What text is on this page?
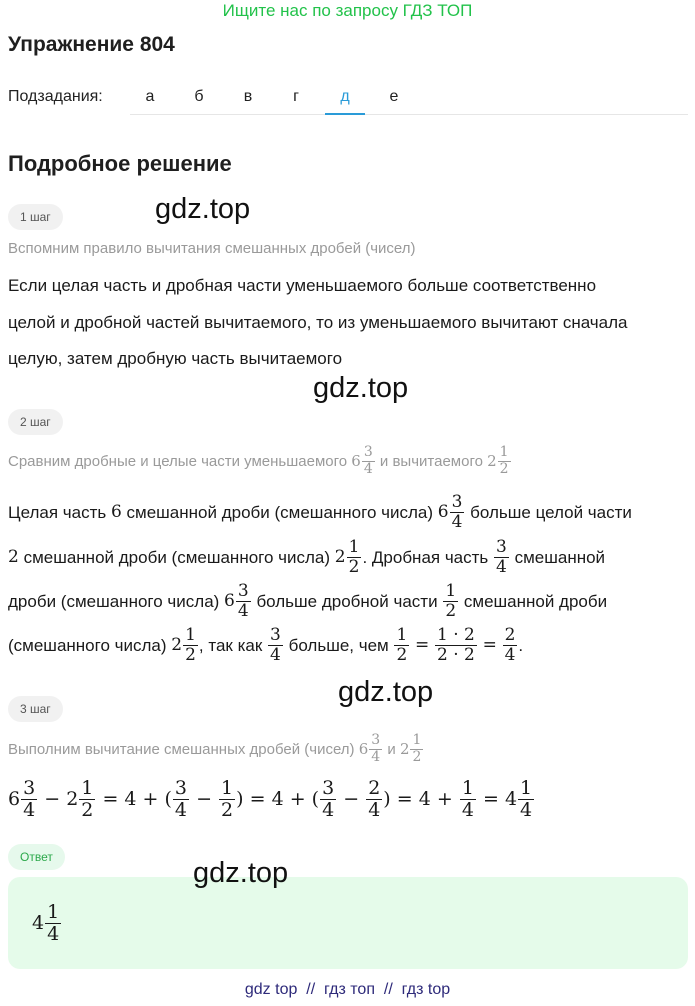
Ищите нас по запросу ГДЗ ТОП
Упражнение 804
Подзадания:	а	б	в	г	д	е
Подробное решение
1 шаг	gdz.top
Вспомним правило вычитания смешанных дробей (чисел)
Если целая часть и дробная части уменьшаемого больше соответственно
целой и дробной частей вычитаемого, то из уменьшаемого вычитают сначала
целую, затем дробную часть вычитаемого
gdz.top
2 шаг
Сравним дробные и целые части уменьшаемого
$6 \frac{3}{4}$
и вычитаемого
$2 \frac{1}{2}$
Целая часть
6
смешанной дроби (смешанного числа)
$6 \frac{3}{4}$
больше целой части
2
смешанной дроби (смешанного числа)
$2 \frac{1}{2}$ . Дробная часть
$\frac{3}{4}$
смешанной
дроби (смешанного числа)
$6 \frac{3}{4}$
больше дробной части
$\frac{1}{2}$
смешанной дроби
(смешанного числа)
$2 \frac{1}{2}$ , так как
$\frac{3}{4}$
больше, чем
$\frac{1}{2}$
=
$\frac{1 \cdot 2}{2 \cdot 2}$
=
$\frac{2}{4}$ .
gdz.top
3 шаг
Выполним вычитание смешанных дробей (чисел)
$6 \frac{3}{4}$
и
$2 \frac{1}{2}$
$6 \frac{3}{4}$
−
$2 \frac{1}{2}$
=
4
+ ( $\frac{3}{4}$
−
$\frac{1}{2}$ )
=
4
+ ( $\frac{3}{4}$
−
$\frac{2}{4}$ )
=
4
+
$\frac{1}{4}$
=
$4 \frac{1}{4}$
Ответ
$4 \frac{1}{4}$
gdz.top
gdz top  //  гдз топ  //  гдз top
